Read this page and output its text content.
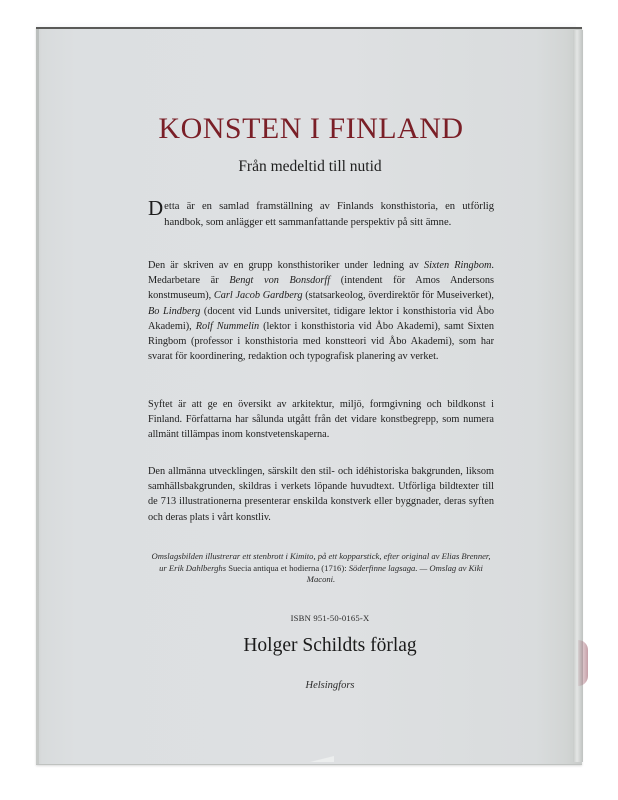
KONSTEN I FINLAND
Från medeltid till nutid

Detta är en samlad framställning av Finlands konsthistoria, en utförlig handbok, som anlägger ett sammanfattande perspektiv på sitt ämne.

Den är skriven av en grupp konsthistoriker under ledning av Sixten Ringbom. Medarbetare är Bengt von Bonsdorff (intendent för Amos Andersons konstmuseum), Carl Jacob Gardberg (statsarkeolog, överdirektör för Museiverket), Bo Lindberg (docent vid Lunds universitet, tidigare lektor i konsthistoria vid Åbo Akademi), Rolf Nummelin (lektor i konsthistoria vid Åbo Akademi), samt Sixten Ringbom (professor i konsthistoria med konstteori vid Åbo Akademi), som har svarat för koordinering, redaktion och typografisk planering av verket.

Syftet är att ge en översikt av arkitektur, miljö, formgivning och bildkonst i Finland. Författarna har sålunda utgått från det vidare konstbegrepp, som numera allmänt tillämpas inom konstvetenskaperna.

Den allmänna utvecklingen, särskilt den stil- och idéhistoriska bakgrunden, liksom samhällsbakgrunden, skildras i verkets löpande huvudtext. Utförliga bildtexter till de 713 illustrationerna presenterar enskilda konstverk eller byggnader, deras syften och deras plats i vårt konstliv.

Omslagsbilden illustrerar ett stenbrott i Kimito, på ett kopparstick, efter original av Elias Brenner, ur Erik Dahlberghs Suecia antiqua et hodierna (1716): Söderfinne lagsaga. — Omslag av Kiki Maconi.
ISBN 951-50-0165-X
Holger Schildts förlag
Helsingfors
